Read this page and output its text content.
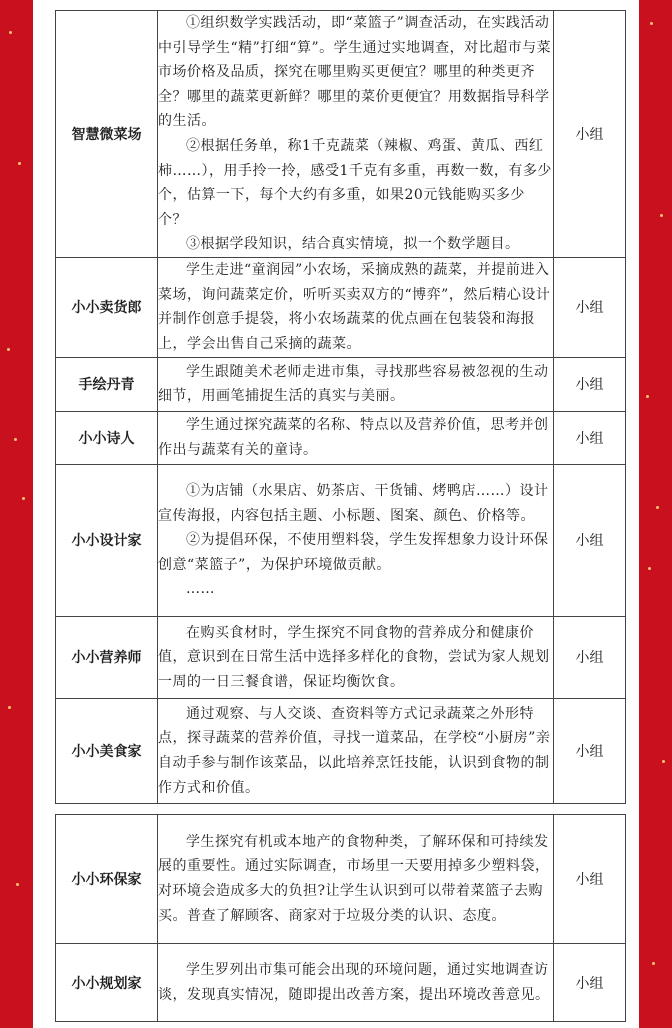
智慧微菜场	①组织数学实践活动，即“菜篮子”调查活动，在实践活动中引导学生“精”打细“算”。学生通过实地调查，对比超市与菜市场价格及品质，探究在哪里购买更便宜？哪里的种类更齐全？哪里的蔬菜更新鲜？哪里的菜价更便宜？用数据指导科学的生活。

②根据任务单，称1千克蔬菜（辣椒、鸡蛋、黄瓜、西红柿……），用手拎一拎，感受1千克有多重，再数一数，有多少个，估算一下，每个大约有多重，如果20元钱能购买多少个？

③根据学段知识，结合真实情境，拟一个数学题目。	小组
小小卖货郎	学生走进“童润园”小农场，采摘成熟的蔬菜，并提前进入菜场，询问蔬菜定价，听听买卖双方的“博弈”，然后精心设计并制作创意手提袋，将小农场蔬菜的优点画在包装袋和海报上，学会出售自己采摘的蔬菜。	小组
手绘丹青	学生跟随美术老师走进市集，寻找那些容易被忽视的生动细节，用画笔捕捉生活的真实与美丽。	小组
小小诗人	学生通过探究蔬菜的名称、特点以及营养价值，思考并创作出与蔬菜有关的童诗。	小组
小小设计家	①为店铺（水果店、奶茶店、干货铺、烤鸭店……）设计宣传海报，内容包括主题、小标题、图案、颜色、价格等。

②为提倡环保，不使用塑料袋，学生发挥想象力设计环保创意“菜篮子”，为保护环境做贡献。

……	小组
小小营养师	在购买食材时，学生探究不同食物的营养成分和健康价值，意识到在日常生活中选择多样化的食物，尝试为家人规划一周的一日三餐食谱，保证均衡饮食。	小组
小小美食家	通过观察、与人交谈、查资料等方式记录蔬菜之外形特点，探寻蔬菜的营养价值，寻找一道菜品，在学校“小厨房”亲自动手参与制作该菜品，以此培养烹饪技能，认识到食物的制作方式和价值。	小组
小小环保家	学生探究有机或本地产的食物种类，了解环保和可持续发展的重要性。通过实际调查，市场里一天要用掉多少塑料袋，对环境会造成多大的负担?让学生认识到可以带着菜篮子去购买。普查了解顾客、商家对于垃圾分类的认识、态度。	小组
小小规划家	学生罗列出市集可能会出现的环境问题，通过实地调查访谈，发现真实情况，随即提出改善方案，提出环境改善意见。	小组
